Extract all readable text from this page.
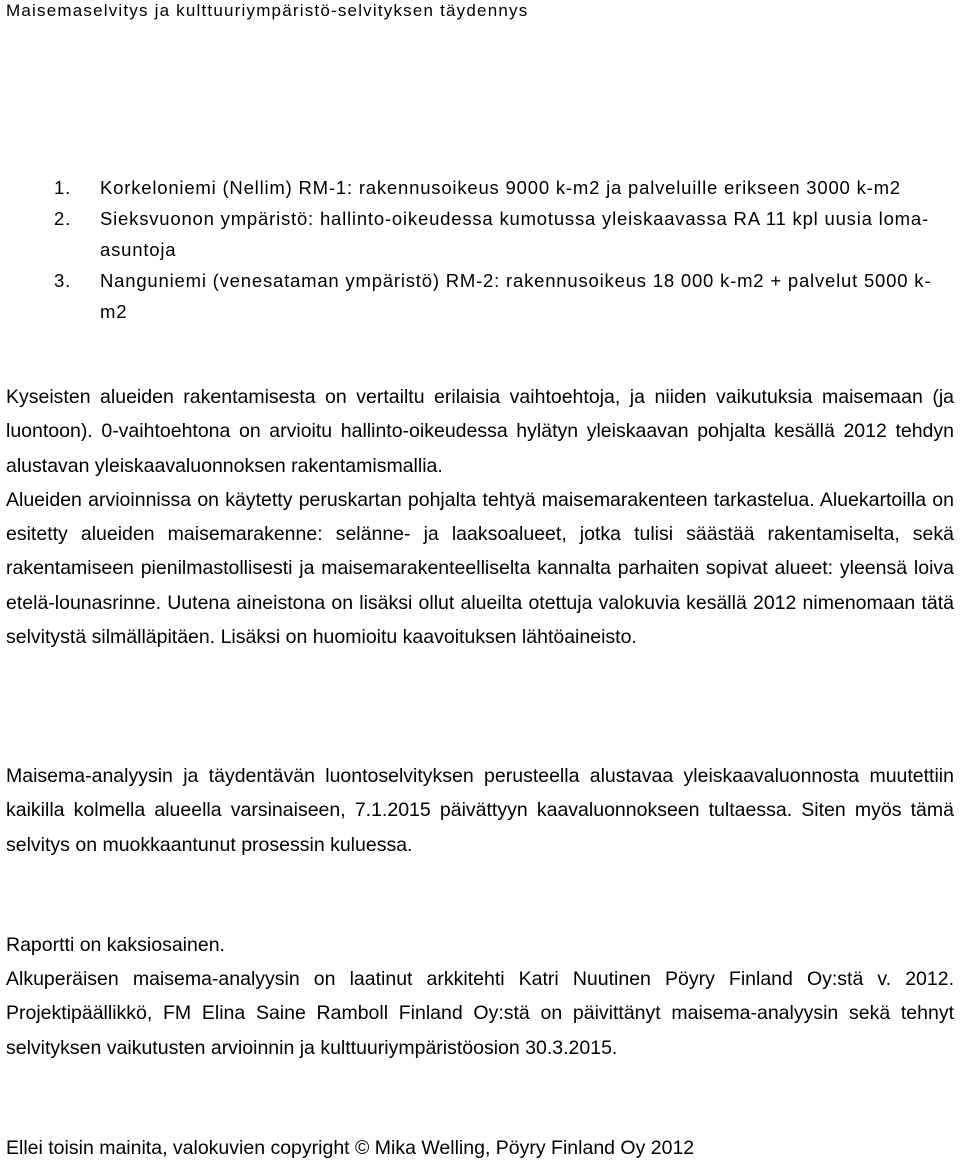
Maisemaselvitys ja kulttuuriympäristö-selvityksen täydennys
1. Korkeloniemi (Nellim) RM-1: rakennusoikeus 9000 k-m2 ja palveluille erikseen 3000 k-m2
2. Sieksvuonon ympäristö: hallinto-oikeudessa kumotussa yleiskaavassa RA 11 kpl uusia loma-asuntoja
3. Nanguniemi (venesataman ympäristö) RM-2: rakennusoikeus 18 000 k-m2 + palvelut 5000 k-m2

Kyseisten alueiden rakentamisesta on vertailtu erilaisia vaihtoehtoja, ja niiden vaikutuksia maisemaan (ja luontoon). 0-vaihtoehtona on arvioitu hallinto-oikeudessa hylätyn yleiskaavan pohjalta kesällä 2012 tehdyn alustavan yleiskaavaluonnoksen rakentamismallia.

Alueiden arvioinnissa on käytetty peruskartan pohjalta tehtyä maisemarakenteen tarkastelua. Aluekartoilla on esitetty alueiden maisemarakenne: selänne- ja laaksoalueet, jotka tulisi säästää rakentamiselta, sekä rakentamiseen pienilmastollisesti ja maisemarakenteelliselta kannalta parhaiten sopivat alueet: yleensä loiva etelä-lounasrinne. Uutena aineistona on lisäksi ollut alueilta otettuja valokuvia kesällä 2012 nimenomaan tätä selvitystä silmälläpitäen. Lisäksi on huomioitu kaavoituksen lähtöaineisto.

Maisema-analyysin ja täydentävän luontoselvityksen perusteella alustavaa yleiskaavaluonnosta muutettiin kaikilla kolmella alueella varsinaiseen, 7.1.2015 päivättyyn kaavaluonnokseen tultaessa. Siten myös tämä selvitys on muokkaantunut prosessin kuluessa.

Raportti on kaksiosainen.

Alkuperäisen maisema-analyysin on laatinut arkkitehti Katri Nuutinen Pöyry Finland Oy:stä v. 2012. Projektipäällikkö, FM Elina Saine Ramboll Finland Oy:stä on päivittänyt maisema-analyysin sekä tehnyt selvityksen vaikutusten arvioinnin ja kulttuuriympäristöosion 30.3.2015.

Ellei toisin mainita, valokuvien copyright © Mika Welling, Pöyry Finland Oy 2012
